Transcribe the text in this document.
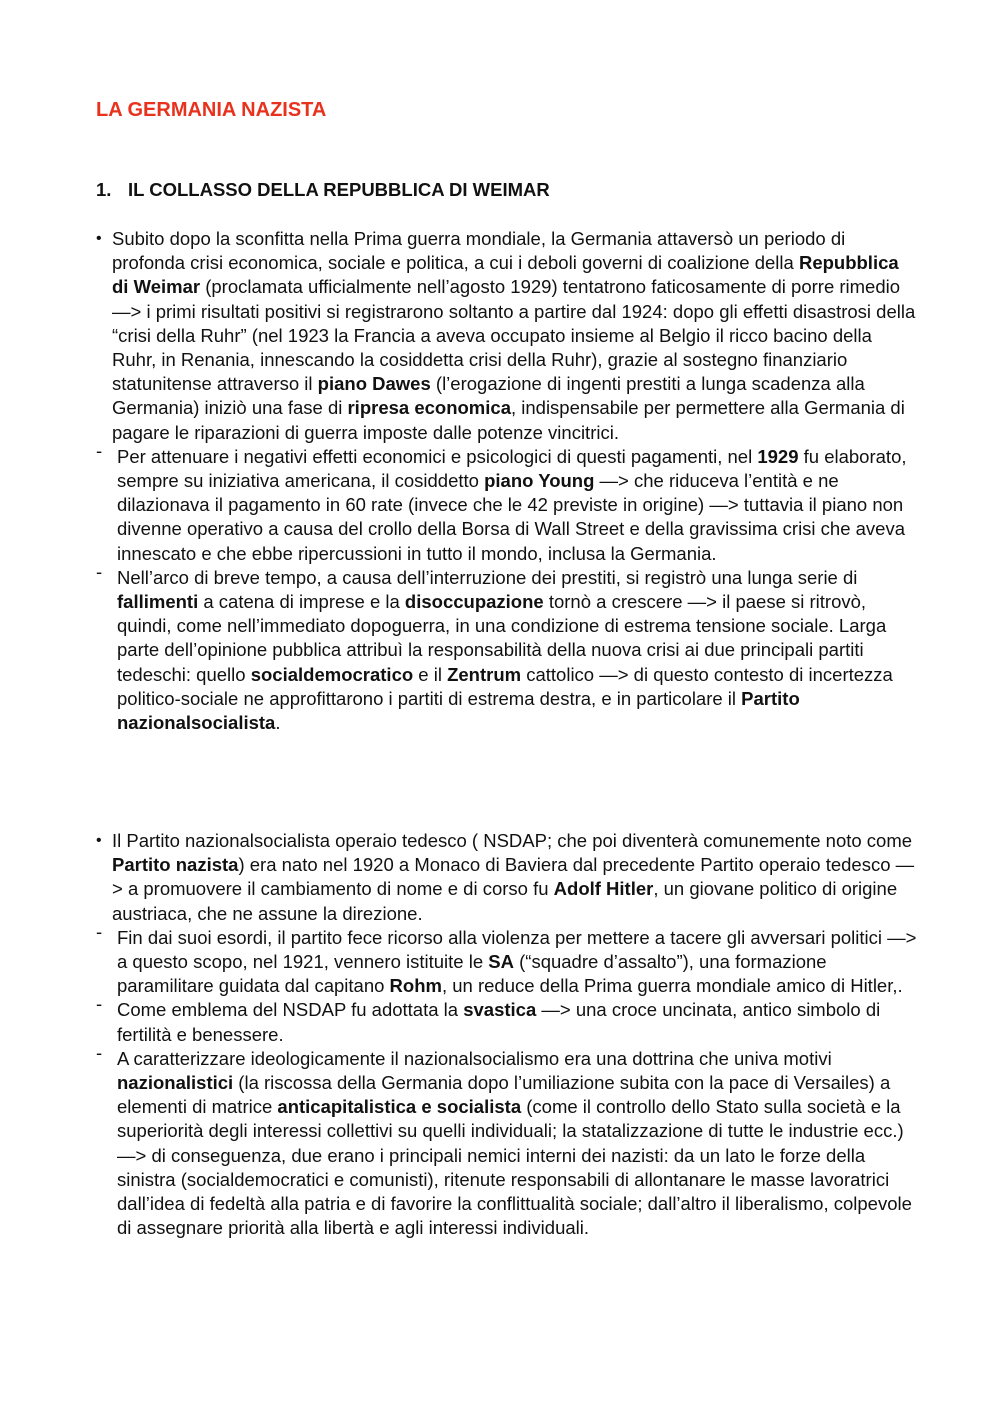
LA GERMANIA NAZISTA
1. IL COLLASSO DELLA REPUBBLICA DI WEIMAR
• Subito dopo la sconfitta nella Prima guerra mondiale, la Germania attaversò un periodo di profonda crisi economica, sociale e politica, a cui i deboli governi di coalizione della Repubblica di Weimar (proclamata ufficialmente nell’agosto 1929) tentatrono faticosamente di porre rimedio —> i primi risultati positivi si registrarono soltanto a partire dal 1924: dopo gli effetti disastrosi della “crisi della Ruhr” (nel 1923 la Francia a aveva occupato insieme al Belgio il ricco bacino della Ruhr, in Renania, innescando la cosiddetta crisi della Ruhr), grazie al sostegno finanziario statunitense attraverso il piano Dawes (l’erogazione di ingenti prestiti a lunga scadenza alla Germania) iniziò una fase di ripresa economica, indispensabile per permettere alla Germania di pagare le riparazioni di guerra imposte dalle potenze vincitrici.
- Per attenuare i negativi effetti economici e psicologici di questi pagamenti, nel 1929 fu elaborato, sempre su iniziativa americana, il cosiddetto piano Young —> che riduceva l’entità e ne dilazionava il pagamento in 60 rate (invece che le 42 previste in origine) —> tuttavia il piano non divenne operativo a causa del crollo della Borsa di Wall Street e della gravissima crisi che aveva innescato e che ebbe ripercussioni in tutto il mondo, inclusa la Germania.
- Nell’arco di breve tempo, a causa dell’interruzione dei prestiti, si registrò una lunga serie di fallimenti a catena di imprese e la disoccupazione tornò a crescere —> il paese si ritrovò, quindi, come nell’immediato dopoguerra, in una condizione di estrema tensione sociale. Larga parte dell’opinione pubblica attribuì la responsabilità della nuova crisi ai due principali partiti tedeschi: quello socialdemocratico e il Zentrum cattolico —> di questo contesto di incertezza politico-sociale ne approfittarono i partiti di estrema destra, e in particolare il Partito nazionalsocialista.
• Il Partito nazionalsocialista operaio tedesco ( NSDAP; che poi diventerà comunemente noto come Partito nazista) era nato nel 1920 a Monaco di Baviera dal precedente Partito operaio tedesco —> a promuovere il cambiamento di nome e di corso fu Adolf Hitler, un giovane politico di origine austriaca, che ne assune la direzione.
- Fin dai suoi esordi, il partito fece ricorso alla violenza per mettere a tacere gli avversari politici —> a questo scopo, nel 1921, vennero istituite le SA (“squadre d’assalto”), una formazione paramilitare guidata dal capitano Rohm, un reduce della Prima guerra mondiale amico di Hitler,.
- Come emblema del NSDAP fu adottata la svastica —> una croce uncinata, antico simbolo di fertilità e benessere.
- A caratterizzare ideologicamente il nazionalsocialismo era una dottrina che univa motivi nazionalistici (la riscossa della Germania dopo l’umiliazione subita con la pace di Versailes) a elementi di matrice anticapitalistica e socialista (come il controllo dello Stato sulla società e la superiorità degli interessi collettivi su quelli individuali; la statalizzazione di tutte le industrie ecc.) —> di conseguenza, due erano i principali nemici interni dei nazisti: da un lato le forze della sinistra (socialdemocratici e comunisti), ritenute responsabili di allontanare le masse lavoratrici dall’idea di fedeltà alla patria e di favorire la conflittualità sociale; dall’altro il liberalismo, colpevole di assegnare priorità alla libertà e agli interessi individuali.
